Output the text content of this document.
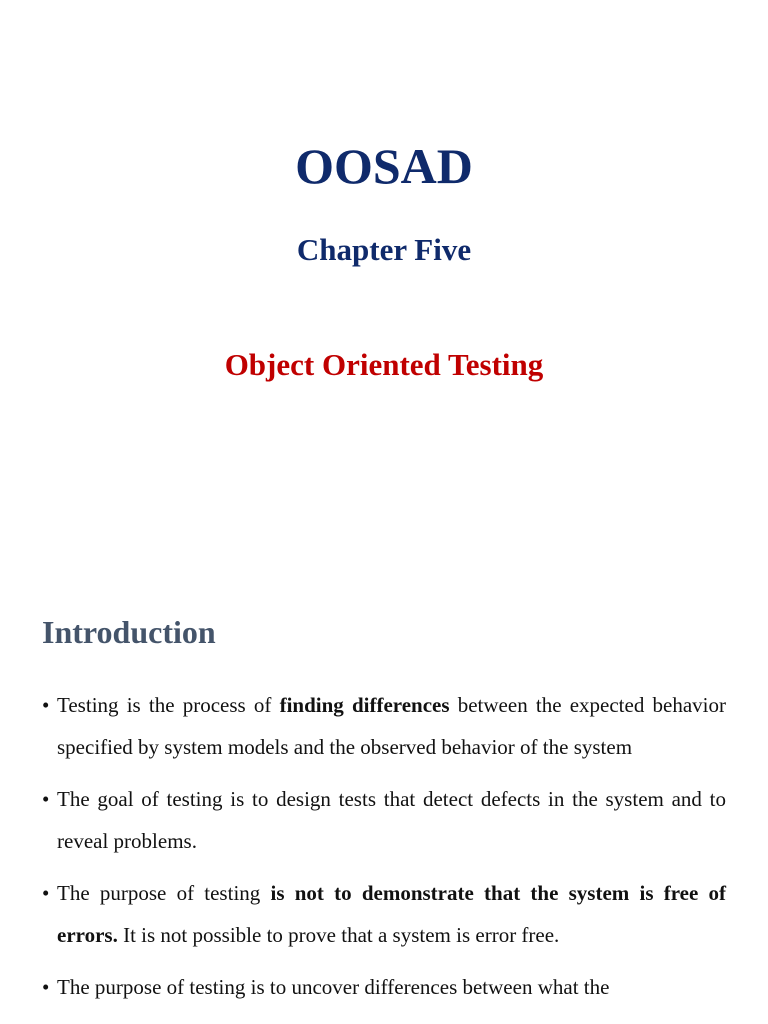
OOSAD
Chapter Five
Object Oriented Testing
Introduction
• Testing is the process of finding differences between the expected behavior specified by system models and the observed behavior of the system
• The goal of testing is to design tests that detect defects in the system and to reveal problems.
• The purpose of testing is not to demonstrate that the system is free of errors. It is not possible to prove that a system is error free.
• The purpose of testing is to uncover differences between what the
